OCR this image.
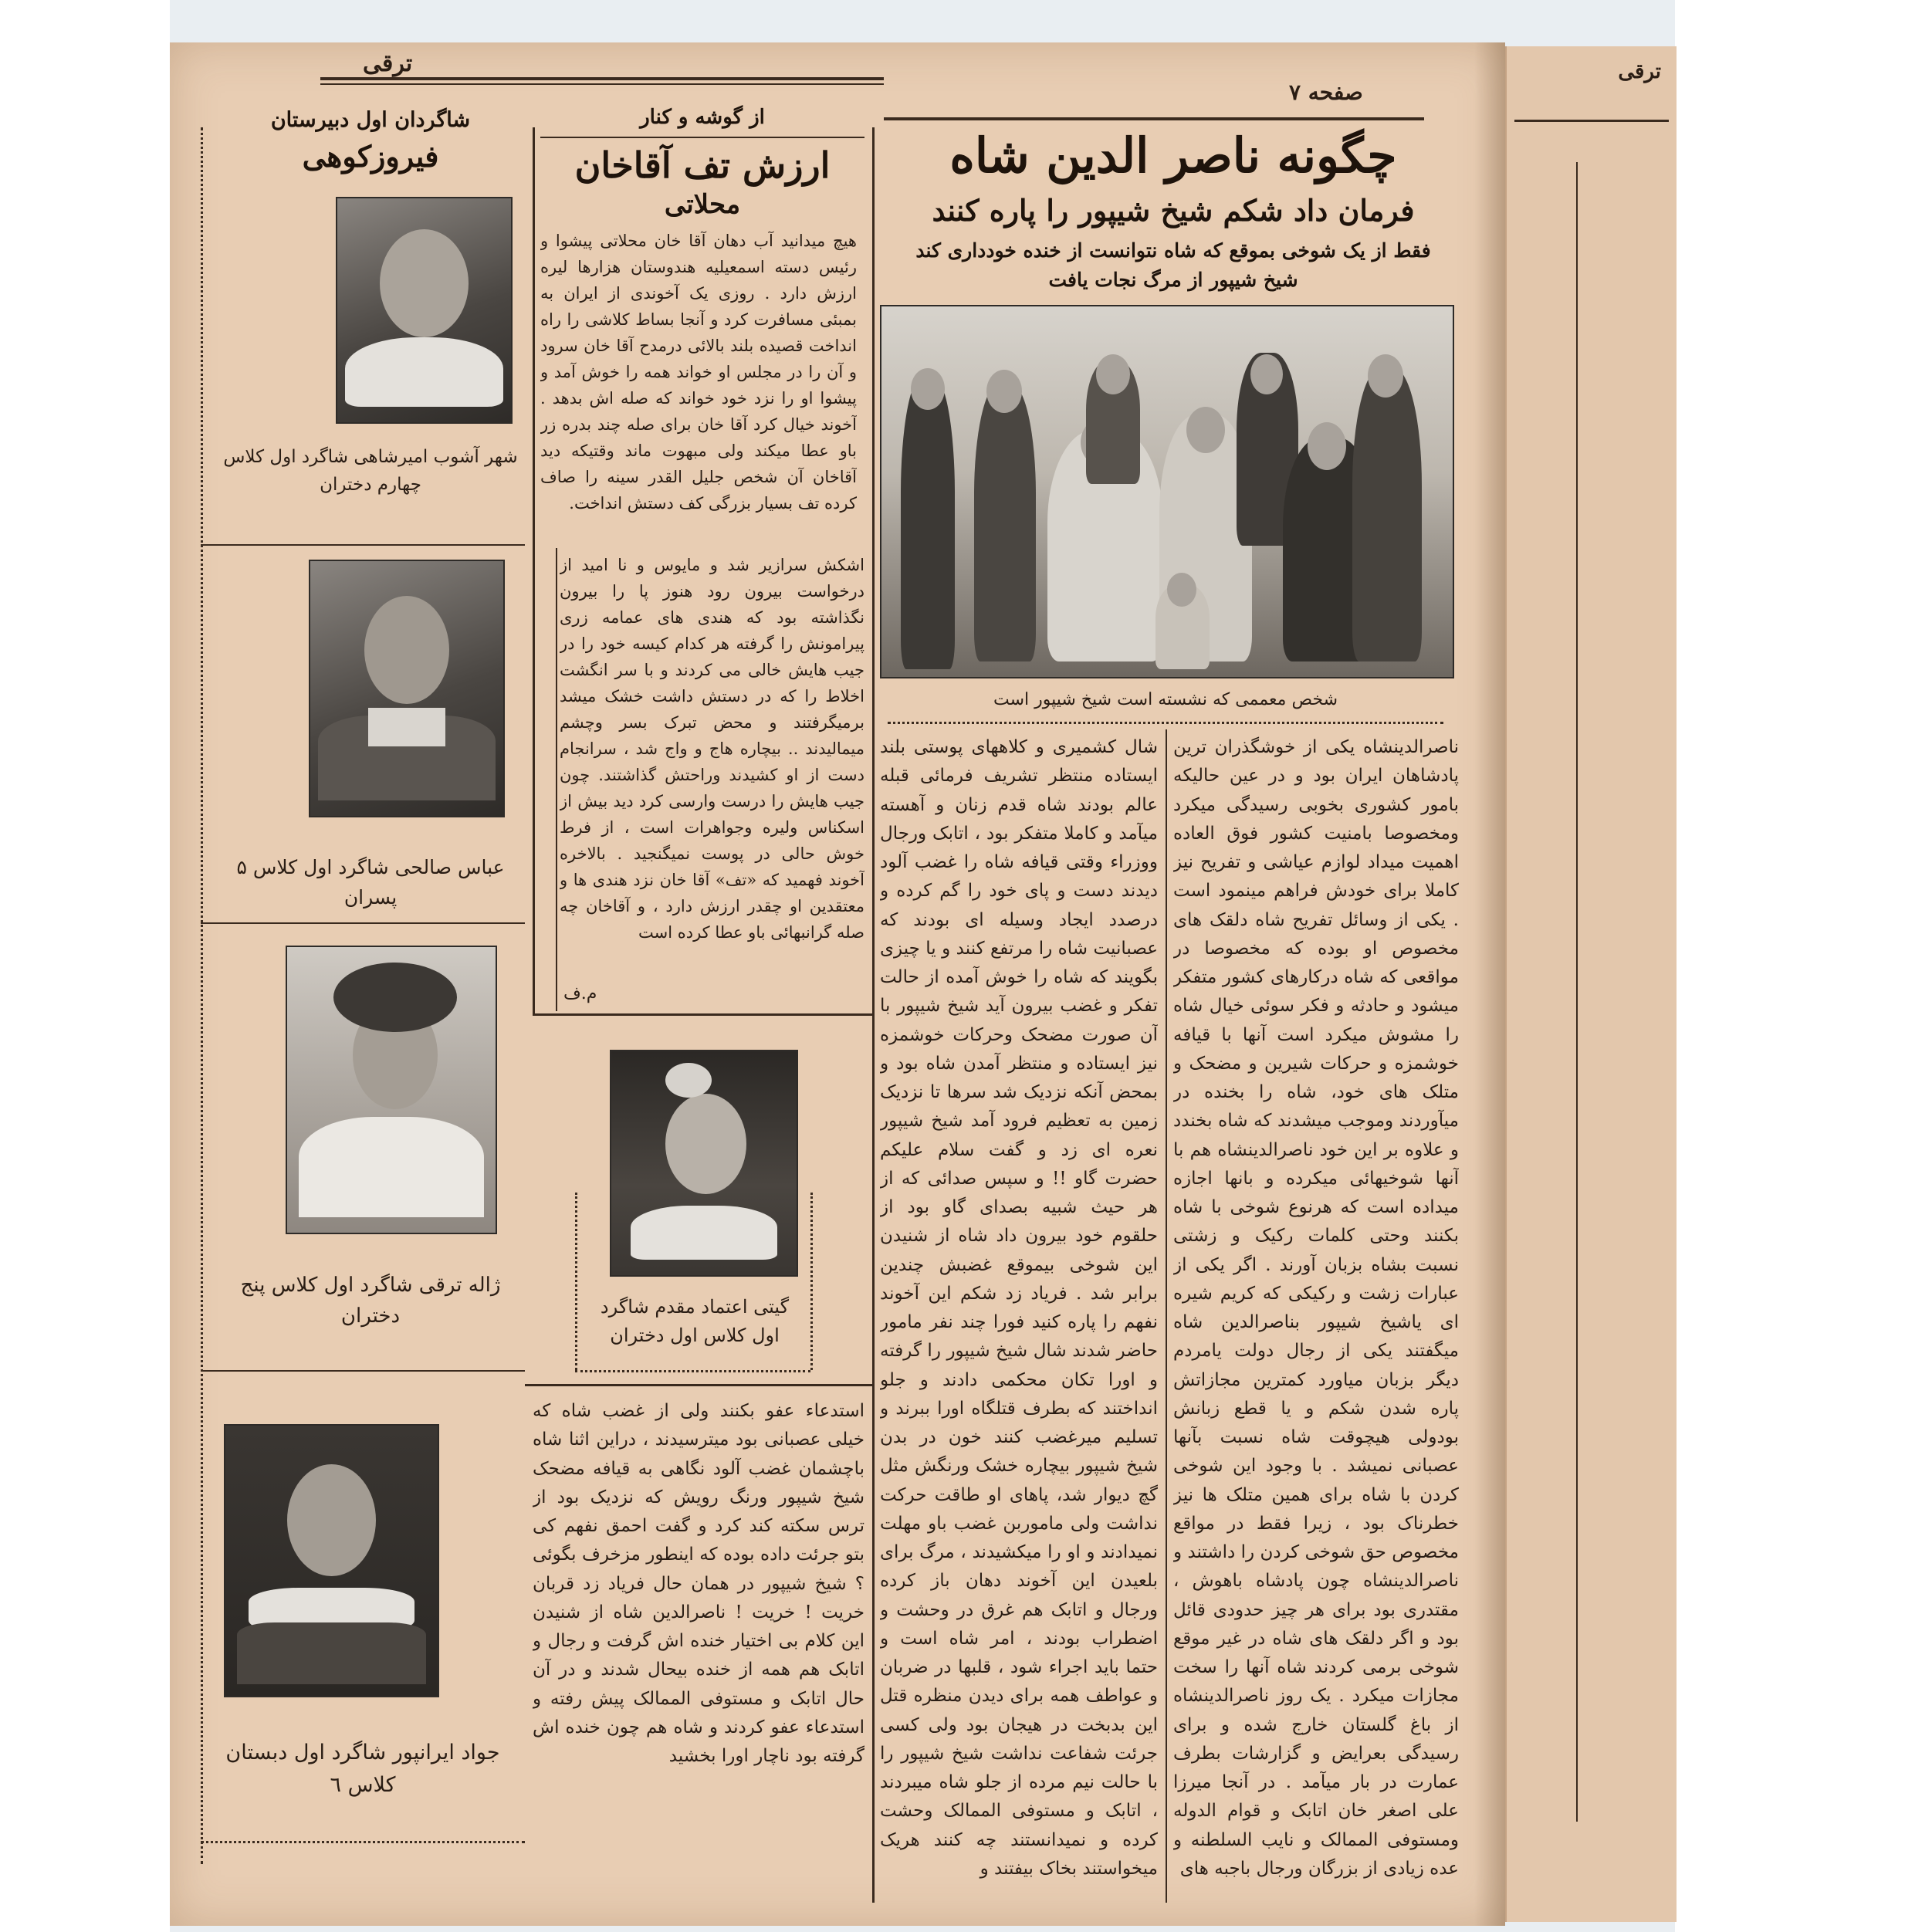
ترقی
ترقی
صفحه ۷
چگونه ناصر الدین شاه
فرمان داد شکم شیخ شیپور را پاره کنند
فقط از یک شوخی بموقع که شاه نتوانست از خنده خودداری کند
شیخ شیپور از مرگ نجات یافت
شخص معممی که نشسته است شیخ شیپور است
ناصرالدینشاه یکی از خوشگذران ترین پادشاهان ایران بود و در عین حالیکه بامور کشوری بخوبی رسیدگی میکرد ومخصوصا بامنیت کشور فوق العاده اهمیت میداد لوازم عیاشی و تفریح نیز کاملا برای خودش فراهم مینمود است . یکی از وسائل تفریح شاه دلقک های مخصوص او بوده که مخصوصا در مواقعی که شاه درکارهای کشور متفکر میشود و حادثه و فکر سوئی خیال شاه را مشوش میکرد است آنها با قیافه خوشمزه و حرکات شیرین و مضحک و متلک های خود، شاه را بخنده در میآوردند وموجب میشدند که شاه بخندد و علاوه بر این خود ناصرالدینشاه هم با آنها شوخیهائی میکرده و بانها اجازه میداده است که هرنوع شوخی با شاه بکنند وحتی کلمات رکیک و زشتی نسبت بشاه بزبان آورند . اگر یکی از عبارات زشت و رکیکی که کریم شیره ای یاشیخ شیپور بناصرالدین شاه میگفتند یکی از رجال دولت یامردم دیگر بزبان میاورد کمترین مجازاتش پاره شدن شکم و یا قطع زبانش بودولی هیچوقت شاه نسبت بآنها عصبانی نمیشد . با وجود این شوخی کردن با شاه برای همین متلک ها نیز خطرناک بود ، زیرا فقط در مواقع مخصوص حق شوخی کردن را داشتند و ناصرالدینشاه چون پادشاه باهوش ، مقتدری بود برای هر چیز حدودی قائل بود و اگر دلقک های شاه در غیر موقع شوخی برمی کردند شاه آنها را سخت مجازات میکرد . یک روز ناصرالدینشاه از باغ گلستان خارج شده و برای رسیدگی بعرایض و گزارشات بطرف عمارت در بار میآمد . در آنجا میرزا علی اصغر خان اتابک و قوام الدوله ومستوفی الممالک و نایب السلطنه و عده زیادی از بزرگان ورجال باجبه های
شال کشمیری و کلاههای پوستی بلند ایستاده منتظر تشریف فرمائی قبله عالم بودند شاه قدم زنان و آهسته میآمد و کاملا متفکر بود ، اتابک ورجال ووزراء وقتی قیافه شاه را غضب آلود دیدند دست و پای خود را گم کرده و درصدد ایجاد وسیله ای بودند که عصبانیت شاه را مرتفع کنند و یا چیزی بگویند که شاه را خوش آمده از حالت تفکر و غضب بیرون آید شیخ شیپور با آن صورت مضحک وحرکات خوشمزه نیز ایستاده و منتظر آمدن شاه بود و بمحض آنکه نزدیک شد سرها تا نزدیک زمین به تعظیم فرود آمد شیخ شیپور نعره ای زد و گفت سلام علیکم حضرت گاو !! و سپس صدائی که از هر حیث شبیه بصدای گاو بود از حلقوم خود بیرون داد شاه از شنیدن این شوخی بیموقع غضبش چندین برابر شد . فریاد زد شکم این آخوند نفهم را پاره کنید فورا چند نفر مامور حاضر شدند شال شیخ شیپور را گرفته و اورا تکان محکمی دادند و جلو انداختند که بطرف قتلگاه اورا ببرند و تسلیم میرغضب کنند خون در بدن شیخ شیپور بیچاره خشک ورنگش مثل گچ دیوار شد، پاهای او طاقت حرکت نداشت ولی ماموربن غضب باو مهلت نمیدادند و او را میکشیدند ، مرگ برای بلعیدن این آخوند دهان باز کرده ورجال و اتابک هم غرق در وحشت و اضطراب بودند ، امر شاه است و حتما باید اجراء شود ، قلبها در ضربان و عواطف همه برای دیدن منظره قتل این بدبخت در هیجان بود ولی کسی جرئت شفاعت نداشت شیخ شیپور را با حالت نیم مرده از جلو شاه میبردند ، اتابک و مستوفی الممالک وحشت کرده و نمیدانستند چه کنند هریک میخواستند بخاک بیفتند و
از گوشه و کنار
ارزش تف آقاخان
محلاتی
هیچ میدانید آب دهان آقا خان محلاتی پیشوا و رئیس دسته اسمعیلیه هندوستان هزارها لیره ارزش دارد . روزی یک آخوندی از ایران به بمبئی مسافرت کرد و آنجا بساط کلاشی را راه انداخت قصیده بلند بالائی درمدح آقا خان سرود و آن را در مجلس او خواند همه را خوش آمد و پیشوا او را نزد خود خواند که صله اش بدهد . آخوند خیال کرد آقا خان برای صله چند بدره زر باو عطا میکند ولی مبهوت ماند وقتیکه دید آقاخان آن شخص جلیل القدر سینه را صاف کرده تف بسیار بزرگی کف دستش انداخت.
اشکش سرازیر شد و مایوس و نا امید از درخواست بیرون رود هنوز پا را بیرون نگذاشته بود که هندی های عمامه زری پیرامونش را گرفته هر کدام کیسه خود را در جیب هایش خالی می کردند و با سر انگشت اخلاط را که در دستش داشت خشک میشد برمیگرفتند و محض تبرک بسر وچشم میمالیدند .. بیچاره هاج و واج شد ، سرانجام دست از او کشیدند وراحتش گذاشتند. چون جیب هایش را درست وارسی کرد دید بیش از اسکناس ولیره وجواهرات است ، از فرط خوش حالی در پوست نمیگنجید . بالاخره آخوند فهمید که «تف» آقا خان نزد هندی ها و معتقدین او چقدر ارزش دارد ، و آقاخان چه صله گرانبهائی باو عطا کرده است
م.ف
گیتی اعتماد مقدم شاگرد اول کلاس اول دختران
استدعاء عفو بکنند ولی از غضب شاه که خیلی عصبانی بود میترسیدند ، دراین اثنا شاه باچشمان غضب آلود نگاهی به قیافه مضحک شیخ شیپور ورنگ رویش که نزدیک بود از ترس سکته کند کرد و گفت احمق نفهم کی بتو جرئت داده بوده که اینطور مزخرف بگوئی ؟ شیخ شیپور در همان حال فریاد زد قربان خریت ! خریت ! ناصرالدین شاه از شنیدن این کلام بی اختیار خنده اش گرفت و رجال و اتابک هم همه از خنده بیحال شدند و در آن حال اتابک و مستوفی الممالک پیش رفته و استدعاء عفو کردند و شاه هم چون خنده اش گرفته بود ناچار اورا بخشید
شاگردان اول دبیرستان
فیروزکوهی
شهر آشوب امیرشاهی شاگرد اول کلاس چهارم دختران
عباس صالحی شاگرد اول کلاس ۵ پسران
ژاله ترقی شاگرد اول کلاس پنج دختران
جواد ایرانپور شاگرد اول دبستان کلاس ٦
